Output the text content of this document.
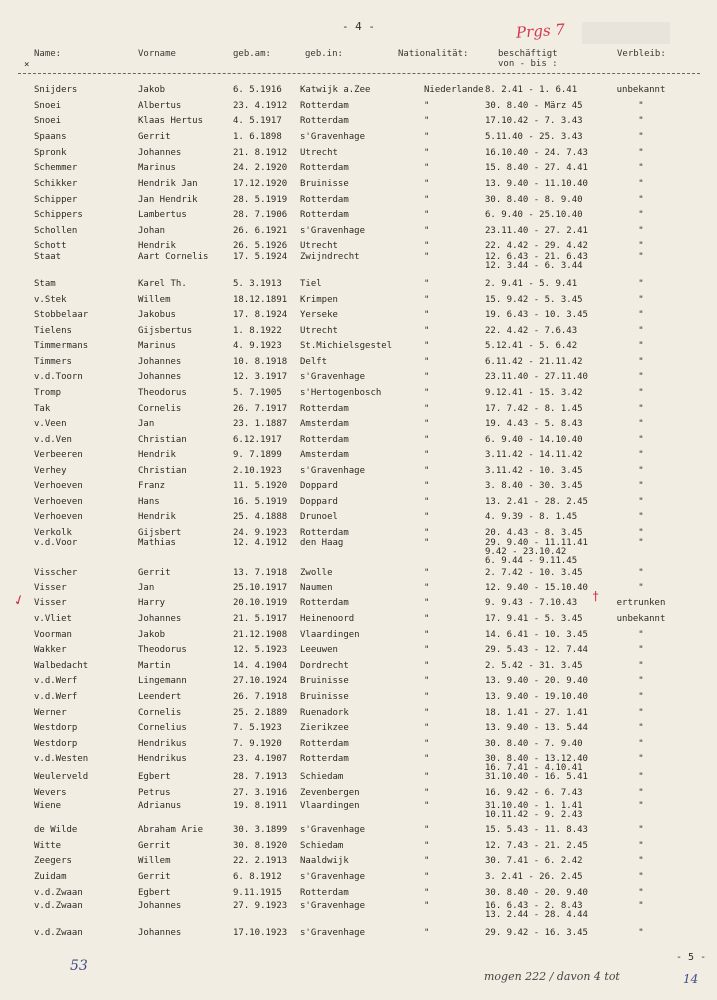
- 4 -	Prgs 7
×
Name:	Vorname	geb.am:	geb.in:	Nationalität:	beschäftigt
von - bis :
Verbleib:
Snijders	Jakob	6. 5.1916 Katwijk a.Zee	Niederlande 8. 2.41 - 1. 6.41	unbekannt
Snoei	Albertus	23. 4.1912 Rotterdam	"	30. 8.40 - März 45	"
Snoei	Klaas Hertus	4. 5.1917 Rotterdam	"	17.10.42 - 7. 3.43	"
Spaans	Gerrit	1. 6.1898 s'Gravenhage	"	5.11.40 - 25. 3.43	"
Spronk	Johannes	21. 8.1912 Utrecht	"	16.10.40 - 24. 7.43	"
Schemmer	Marinus	24. 2.1920 Rotterdam	"	15. 8.40 - 27. 4.41	"
Schikker	Hendrik Jan	17.12.1920 Bruinisse	"	13. 9.40 - 11.10.40	"
Schipper	Jan Hendrik	28. 5.1919 Rotterdam	"	30. 8.40 - 8. 9.40	"
Schippers	Lambertus	28. 7.1906 Rotterdam	"	6. 9.40 - 25.10.40	"
Schollen	Johan	26. 6.1921 s'Gravenhage	"	23.11.40 - 27. 2.41	"
Schott	Hendrik	26. 5.1926 Utrecht	"	22. 4.42 - 29. 4.42	"
Staat	Aart Cornelis	17. 5.1924 Zwijndrecht	"	12. 6.43 - 21. 6.43
12. 3.44 - 6. 3.44
"
Stam	Karel Th.	5. 3.1913 Tiel	"	2. 9.41 - 5. 9.41	"
v.Stek	Willem	18.12.1891 Krimpen	"	15. 9.42 - 5. 3.45	"
Stobbelaar	Jakobus	17. 8.1924 Yerseke	"	19. 6.43 - 10. 3.45	"
Tielens	Gijsbertus	1. 8.1922 Utrecht	"	22. 4.42 - 7.6.43	"
Timmermans	Marinus	4. 9.1923 St.Michielsgestel	"	5.12.41 - 5. 6.42	"
Timmers	Johannes	10. 8.1918 Delft	"	6.11.42 - 21.11.42	"
v.d.Toorn	Johannes	12. 3.1917 s'Gravenhage	"	23.11.40 - 27.11.40	"
Tromp	Theodorus	5. 7.1905 s'Hertogenbosch	"	9.12.41 - 15. 3.42	"
Tak	Cornelis	26. 7.1917 Rotterdam	"	17. 7.42 - 8. 1.45	"
v.Veen	Jan	23. 1.1887 Amsterdam	"	19. 4.43 - 5. 8.43	"
v.d.Ven	Christian	6.12.1917 Rotterdam	"	6. 9.40 - 14.10.40	"
Verbeeren	Hendrik	9. 7.1899 Amsterdam	"	3.11.42 - 14.11.42	"
Verhey	Christian	2.10.1923 s'Gravenhage	"	3.11.42 - 10. 3.45	"
Verhoeven	Franz	11. 5.1920 Doppard	"	3. 8.40 - 30. 3.45	"
Verhoeven	Hans	16. 5.1919 Doppard	"	13. 2.41 - 28. 2.45	"
Verhoeven	Hendrik	25. 4.1888 Drunoel	"	4. 9.39 - 8. 1.45	"
Verkolk	Gijsbert	24. 9.1923 Rotterdam	"	20. 4.43 - 8. 3.45	"
v.d.Voor	Mathias	12. 4.1912 den Haag	"	29. 9.40 - 11.11.41
9.42 - 23.10.42
6. 9.44 - 9.11.45
"
Visscher	Gerrit	13. 7.1918 Zwolle	"	2. 7.42 - 10. 3.45	"
Visser	Jan	25.10.1917 Naumen	"	12. 9.40 - 15.10.40	"
Visser	Harry	20.10.1919 Rotterdam	"	9. 9.43 - 7.10.43	ertrunken
v.Vliet	Johannes	21. 5.1917 Heinenoord	"	17. 9.41 - 5. 3.45	unbekannt
Voorman	Jakob	21.12.1908 Vlaardingen	"	14. 6.41 - 10. 3.45	"
Wakker	Theodorus	12. 5.1923 Leeuwen	"	29. 5.43 - 12. 7.44	"
Walbedacht	Martin	14. 4.1904 Dordrecht	"	2. 5.42 - 31. 3.45	"
v.d.Werf	Lingemann	27.10.1924 Bruinisse	"	13. 9.40 - 20. 9.40	"
v.d.Werf	Leendert	26. 7.1918 Bruinisse	"	13. 9.40 - 19.10.40	"
Werner	Cornelis	25. 2.1889 Ruenadork	"	18. 1.41 - 27. 1.41	"
Westdorp	Cornelius	7. 5.1923 Zierikzee	"	13. 9.40 - 13. 5.44	"
Westdorp	Hendrikus	7. 9.1920 Rotterdam	"	30. 8.40 - 7. 9.40	"
v.d.Westen	Hendrikus	23. 4.1907 Rotterdam	"	30. 8.40 - 13.12.40
16. 7.41 - 4.10.41
"
Weulerveld	Egbert	28. 7.1913 Schiedam	"	31.10.40 - 16. 5.41	"
Wevers	Petrus	27. 3.1916 Zevenbergen	"	16. 9.42 - 6. 7.43	"
Wiene	Adrianus	19. 8.1911 Vlaardingen	"	31.10.40 - 1. 1.41
10.11.42 - 9. 2.43
"
de Wilde	Abraham Arie	30. 3.1899 s'Gravenhage	"	15. 5.43 - 11. 8.43	"
Witte	Gerrit	30. 8.1920 Schiedam	"	12. 7.43 - 21. 2.45	"
Zeegers	Willem	22. 2.1913 Naaldwijk	"	30. 7.41 - 6. 2.42	"
Zuidam	Gerrit	6. 8.1912 s'Gravenhage	"	3. 2.41 - 26. 2.45	"
v.d.Zwaan	Egbert	9.11.1915 Rotterdam	"	30. 8.40 - 20. 9.40	"
v.d.Zwaan	Johannes	27. 9.1923 s'Gravenhage	"	16. 6.43 - 2. 8.43
13. 2.44 - 28. 4.44
"
v.d.Zwaan	Johannes	17.10.1923 s'Gravenhage	"	29. 9.42 - 16. 3.45	"
✓	†
53
- 5 -
mogen 222 / davon 4 tot	14
